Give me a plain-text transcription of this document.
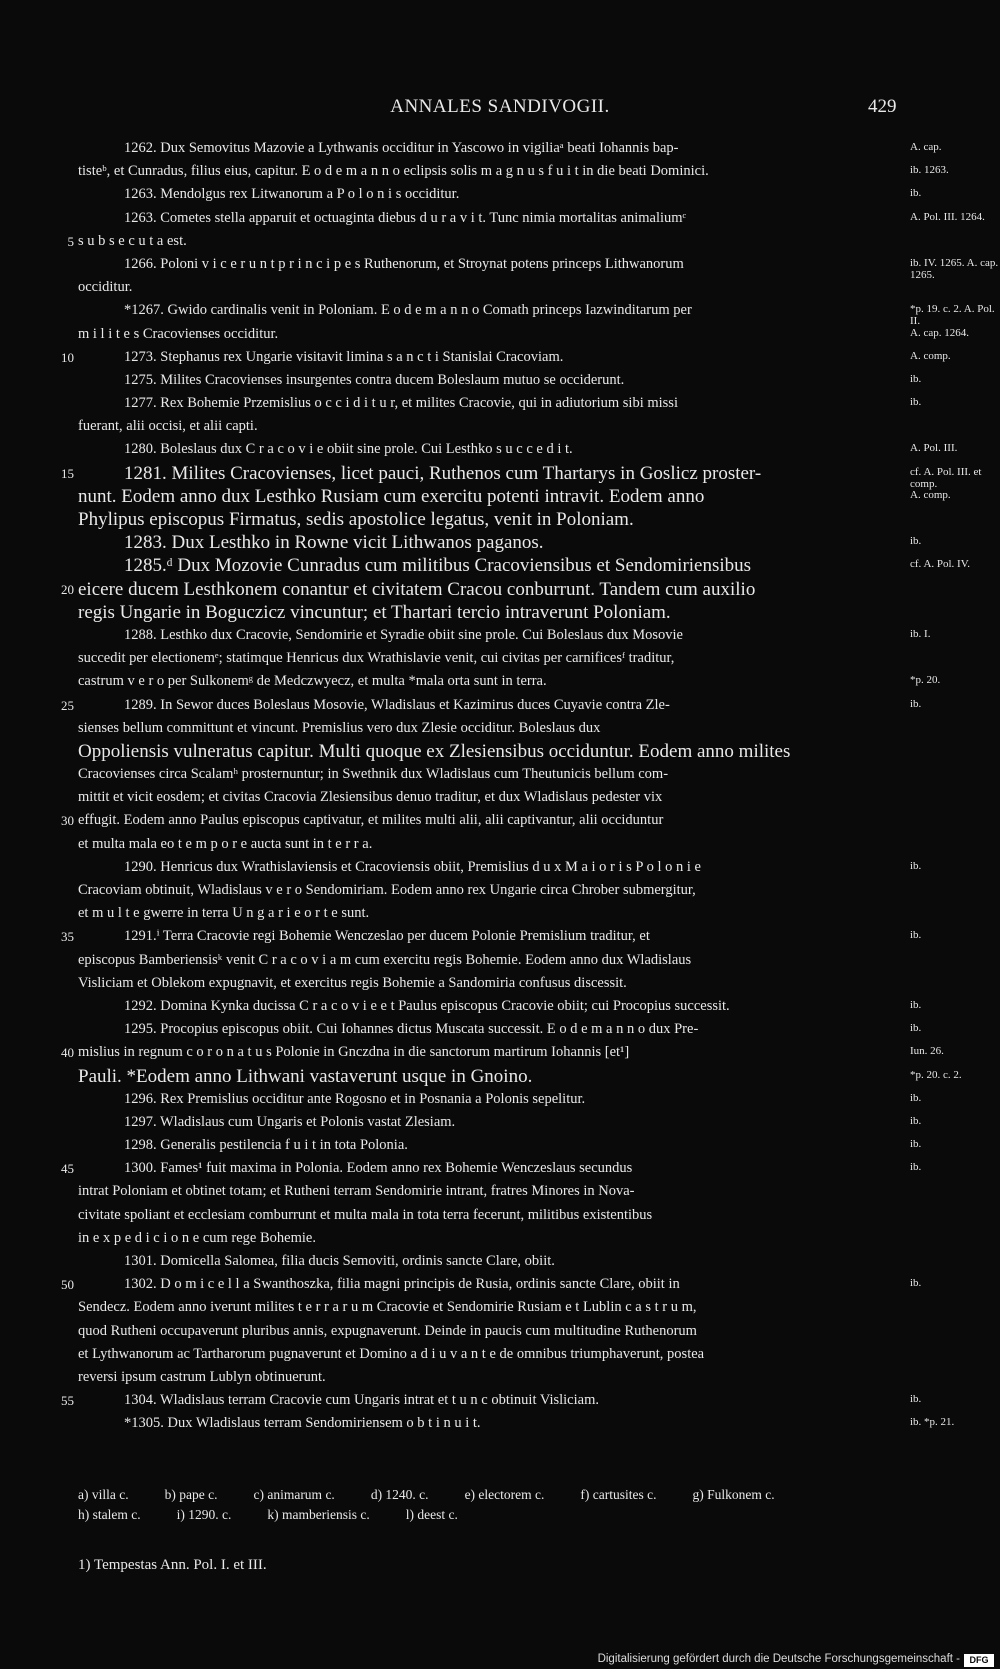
ANNALES SANDIVOGII.	429
1262. Dux Semovitus Mazovie a Lythwanis occiditur in Yascowo in vigiliaᵃ beati Iohannis bap-	A. cap.
tisteᵇ, et Cunradus, filius eius, capitur. E o d e m a n n o eclipsis solis m a g n u s f u i t in die beati Dominici.	ib. 1263.
1263. Mendolgus rex Litwanorum a P o l o n i s occiditur.	ib.
1263. Cometes stella apparuit et octuaginta diebus d u r a v i t. Tunc nimia mortalitas animaliumᶜ	A. Pol. III. 1264.
5 s u b s e c u t a est.
1266. Poloni v i c e r u n t p r i n c i p e s Ruthenorum, et Stroynat potens princeps Lithwanorum	ib. IV. 1265. A. cap. 1265.
occiditur.
*1267. Gwido cardinalis venit in Poloniam. E o d e m a n n o Comath princeps Iazwinditarum per	*p. 19. c. 2. A. Pol. II.
m i l i t e s Cracovienses occiditur.	A. cap. 1264.
10	1273. Stephanus rex Ungarie visitavit limina s a n c t i Stanislai Cracoviam.	A. comp.
1275. Milites Cracovienses insurgentes contra ducem Boleslaum mutuo se occiderunt.	ib.
1277. Rex Bohemie Przemislius o c c i d i t u r, et milites Cracovie, qui in adiutorium sibi missi	ib.
fuerant, alii occisi, et alii capti.
1280. Boleslaus dux C r a c o v i e obiit sine prole. Cui Lesthko s u c c e d i t.	A. Pol. III.
15	1281. Milites Cracovienses, licet pauci, Ruthenos cum Thartarys in Goslicz proster-	cf. A. Pol. III. et comp.
nunt. Eodem anno dux Lesthko Rusiam cum exercitu potenti intravit. Eodem anno	A. comp.
Phylipus episcopus Firmatus, sedis apostolice legatus, venit in Poloniam.
1283. Dux Lesthko in Rowne vicit Lithwanos paganos.	ib.
1285.ᵈ Dux Mozovie Cunradus cum militibus Cracoviensibus et Sendomiriensibus	cf. A. Pol. IV.
20 eicere ducem Lesthkonem conantur et civitatem Cracou conburrunt. Tandem cum auxilio
regis Ungarie in Boguczicz vincuntur; et Thartari tercio intraverunt Poloniam.
1288. Lesthko dux Cracovie, Sendomirie et Syradie obiit sine prole. Cui Boleslaus dux Mosovie	ib. I.
succedit per electionemᵉ; statimque Henricus dux Wrathislavie venit, cui civitas per carnificesᶠ traditur,
castrum v e r o per Sulkonemᵍ de Medczwyecz, et multa *mala orta sunt in terra.	*p. 20.
25	1289. In Sewor duces Boleslaus Mosovie, Wladislaus et Kazimirus duces Cuyavie contra Zle-	ib.
sienses bellum committunt et vincunt. Premislius vero dux Zlesie occiditur. Boleslaus dux
Oppoliensis vulneratus capitur. Multi quoque ex Zlesiensibus occiduntur. Eodem anno milites
Cracovienses circa Scalamʰ prosternuntur; in Swethnik dux Wladislaus cum Theutunicis bellum com-
mittit et vicit eosdem; et civitas Cracovia Zlesiensibus denuo traditur, et dux Wladislaus pedester vix
30 effugit. Eodem anno Paulus episcopus captivatur, et milites multi alii, alii captivantur, alii occiduntur
et multa mala eo t e m p o r e aucta sunt in t e r r a.
1290. Henricus dux Wrathislaviensis et Cracoviensis obiit, Premislius d u x M a i o r i s P o l o n i e	ib.
Cracoviam obtinuit, Wladislaus v e r o Sendomiriam. Eodem anno rex Ungarie circa Chrober submergitur,
et m u l t e gwerre in terra U n g a r i e o r t e sunt.
35	1291.ⁱ Terra Cracovie regi Bohemie Wenczeslao per ducem Polonie Premislium traditur, et	ib.
episcopus Bamberiensisᵏ venit C r a c o v i a m cum exercitu regis Bohemie. Eodem anno dux Wladislaus
Visliciam et Oblekom expugnavit, et exercitus regis Bohemie a Sandomiria confusus discessit.
1292. Domina Kynka ducissa C r a c o v i e e t Paulus episcopus Cracovie obiit; cui Procopius successit.	ib.
1295. Procopius episcopus obiit. Cui Iohannes dictus Muscata successit. E o d e m a n n o dux Pre-	ib.
40 mislius in regnum c o r o n a t u s Polonie in Gnczdna in die sanctorum martirum Iohannis [et¹]	Iun. 26.
Pauli. *Eodem anno Lithwani vastaverunt usque in Gnoino.	*p. 20. c. 2.
1296. Rex Premislius occiditur ante Rogosno et in Posnania a Polonis sepelitur.	ib.
1297. Wladislaus cum Ungaris et Polonis vastat Zlesiam.	ib.
1298. Generalis pestilencia f u i t in tota Polonia.	ib.
45	1300. Fames¹ fuit maxima in Polonia. Eodem anno rex Bohemie Wenczeslaus secundus	ib.
intrat Poloniam et obtinet totam; et Rutheni terram Sendomirie intrant, fratres Minores in Nova-
civitate spoliant et ecclesiam comburrunt et multa mala in tota terra fecerunt, militibus existentibus
in e x p e d i c i o n e cum rege Bohemie.
1301. Domicella Salomea, filia ducis Semoviti, ordinis sancte Clare, obiit.
50	1302. D o m i c e l l a Swanthoszka, filia magni principis de Rusia, ordinis sancte Clare, obiit in	ib.
Sendecz. Eodem anno iverunt milites t e r r a r u m Cracovie et Sendomirie Rusiam e t Lublin c a s t r u m,
quod Rutheni occupaverunt pluribus annis, expugnaverunt. Deinde in paucis cum multitudine Ruthenorum
et Lythwanorum ac Tartharorum pugnaverunt et Domino a d i u v a n t e de omnibus triumphaverunt, postea
reversi ipsum castrum Lublyn obtinuerunt.
55	1304. Wladislaus terram Cracovie cum Ungaris intrat et t u n c obtinuit Visliciam.	ib.
*1305. Dux Wladislaus terram Sendomiriensem o b t i n u i t.	ib. *p. 21.
a) villa c.	b) pape c.	c) animarum c.	d) 1240. c.	e) electorem c.	f) cartusites c.	g) Fulkonem c.
h) stalem c.	i) 1290. c.	k) mamberiensis c.	l) deest c.
1) Tempestas Ann. Pol. I. et III.
Digitalisierung gefördert durch die Deutsche Forschungsgemeinschaft -	DFG
